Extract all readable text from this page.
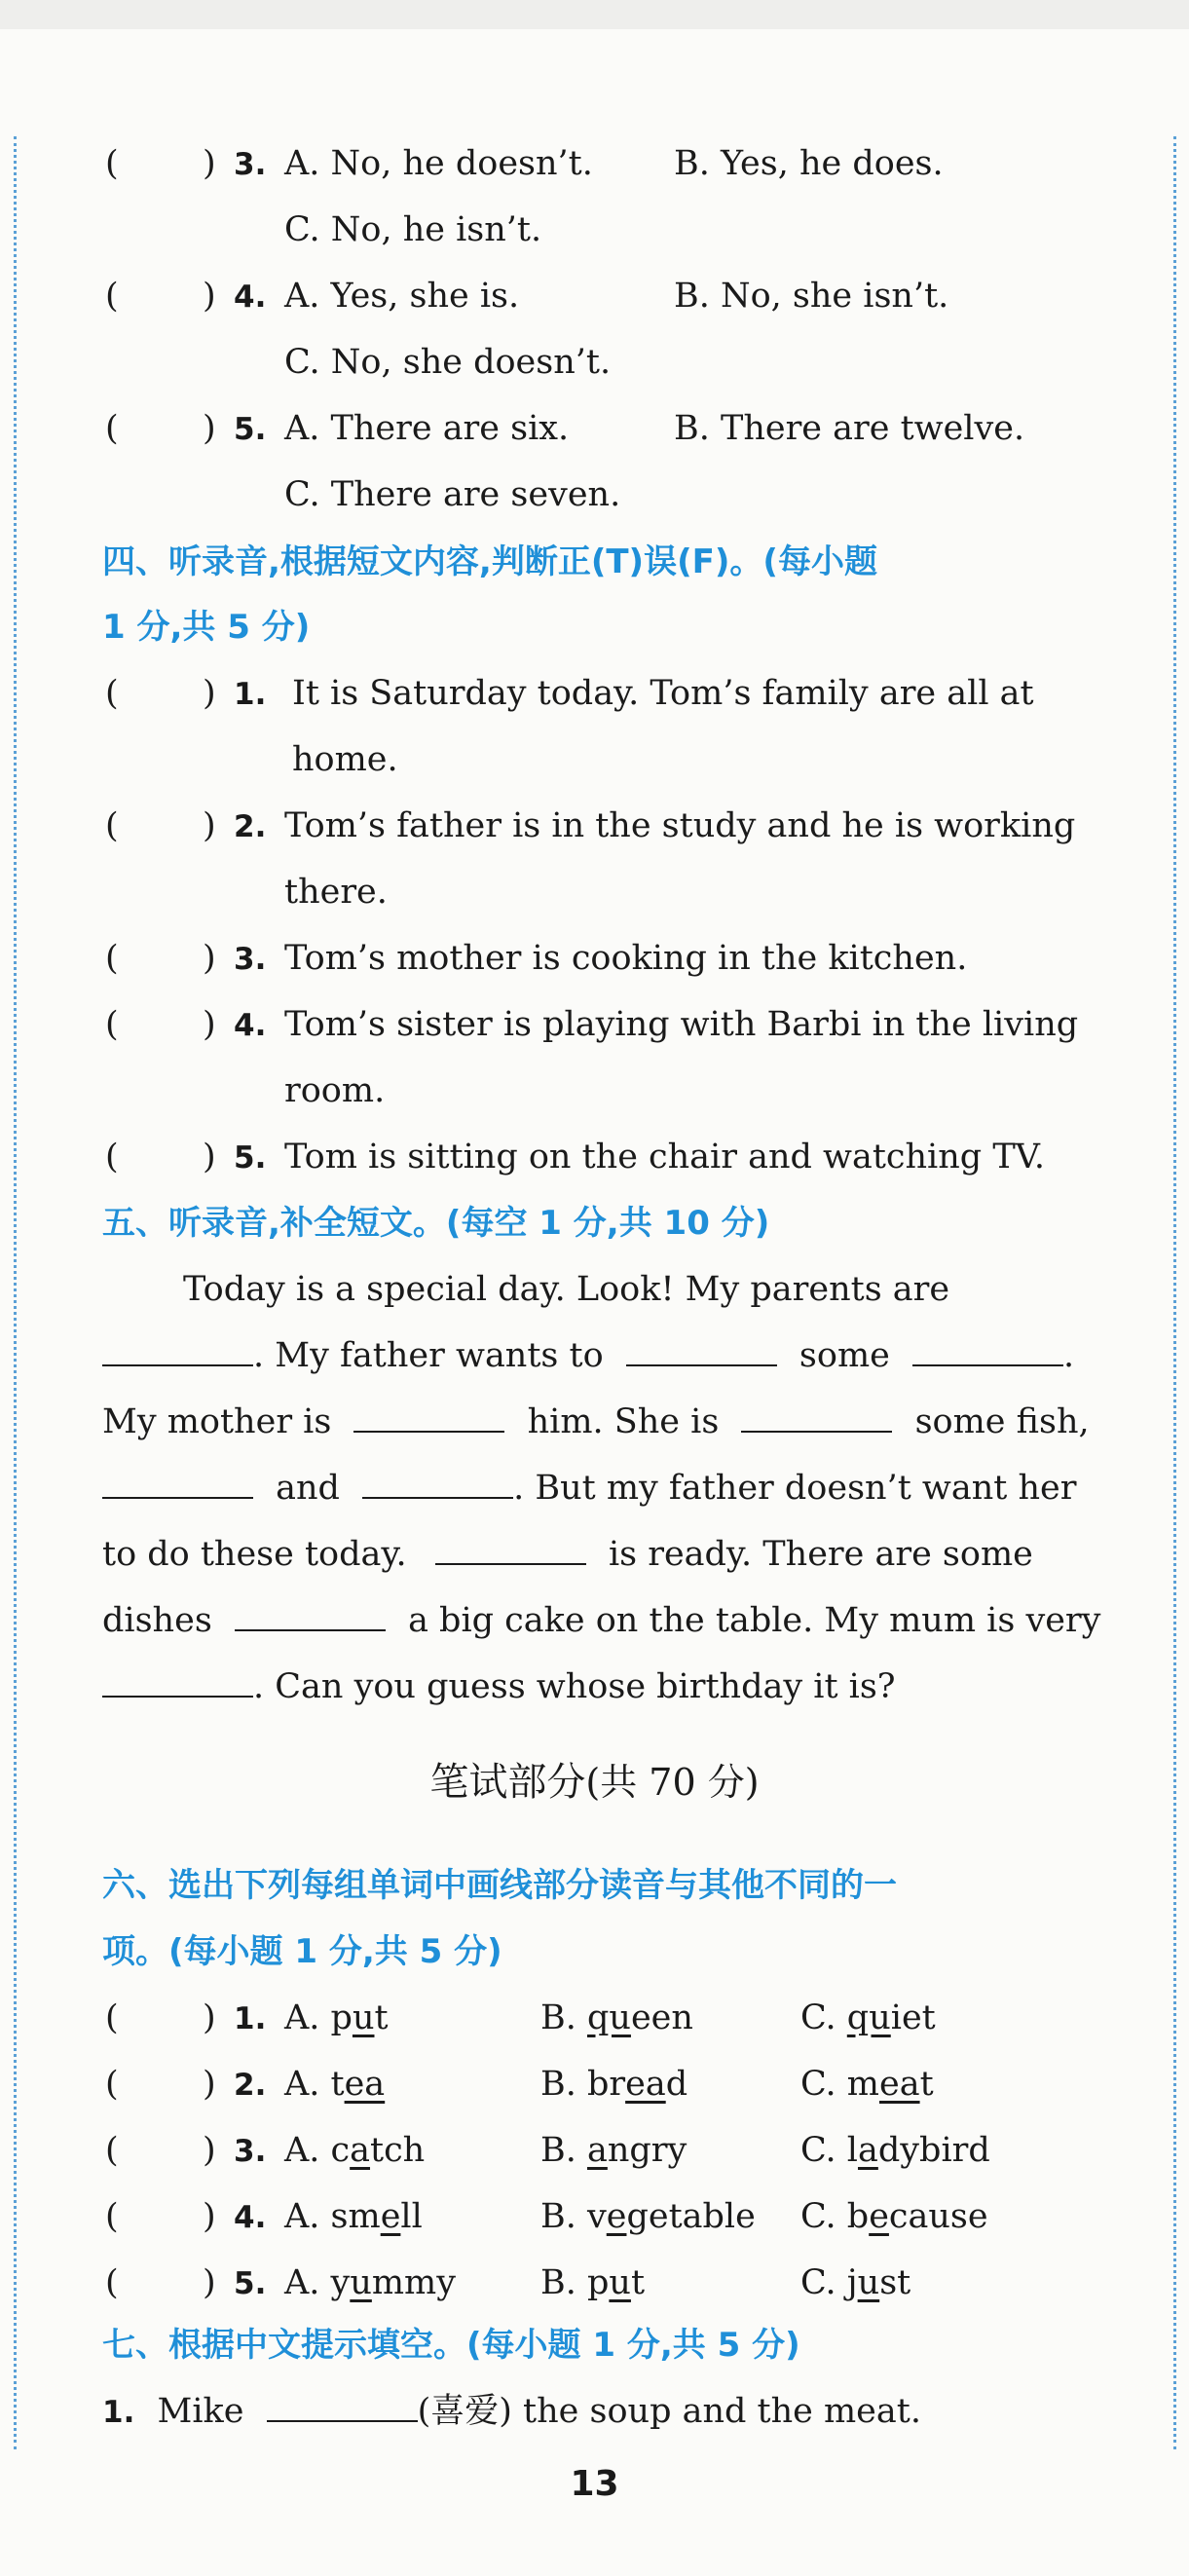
( ) 3. A. No, he doesn’t. B. Yes, he does.
C. No, he isn’t.
( ) 4. A. Yes, she is.	B. No, she isn’t.
C. No, she doesn’t.
( ) 5. A. There are six.	B. There are twelve.
C. There are seven.
四、听录音,根据短文内容,判断正(T)误(F)。(每小题
1 分,共 5 分)
( ) 1. It is Saturday today. Tom’s family are all at
home.
( ) 2. Tom’s father is in the study and he is working
there.
( ) 3. Tom’s mother is cooking in the kitchen.
( ) 4. Tom’s sister is playing with Barbi in the living
room.
( ) 5. Tom is sitting on the chair and watching TV.
五、听录音,补全短文。(每空 1 分,共 10 分)
Today is a special day. Look! My parents are
. My father wants to	some	.
My mother is	him. She is	some fish,
and	. But my father doesn’t want her
to do these today.	is ready. There are some
dishes	a big cake on the table. My mum is very
. Can you guess whose birthday it is?
笔试部分(共 70 分)
六、选出下列每组单词中画线部分读音与其他不同的一
项。(每小题 1 分,共 5 分)
( ) 1. A. put	B. queen	C. quiet
( ) 2. A. tea	B. bread	C. meat
( ) 3. A. catch	B. angry	C. ladybird
( ) 4. A. smell	B. vegetable C. because
( ) 5. A. yummy B. put	C. just
七、根据中文提示填空。(每小题 1 分,共 5 分)
1. Mike	(喜爱) the soup and the meat.
13
